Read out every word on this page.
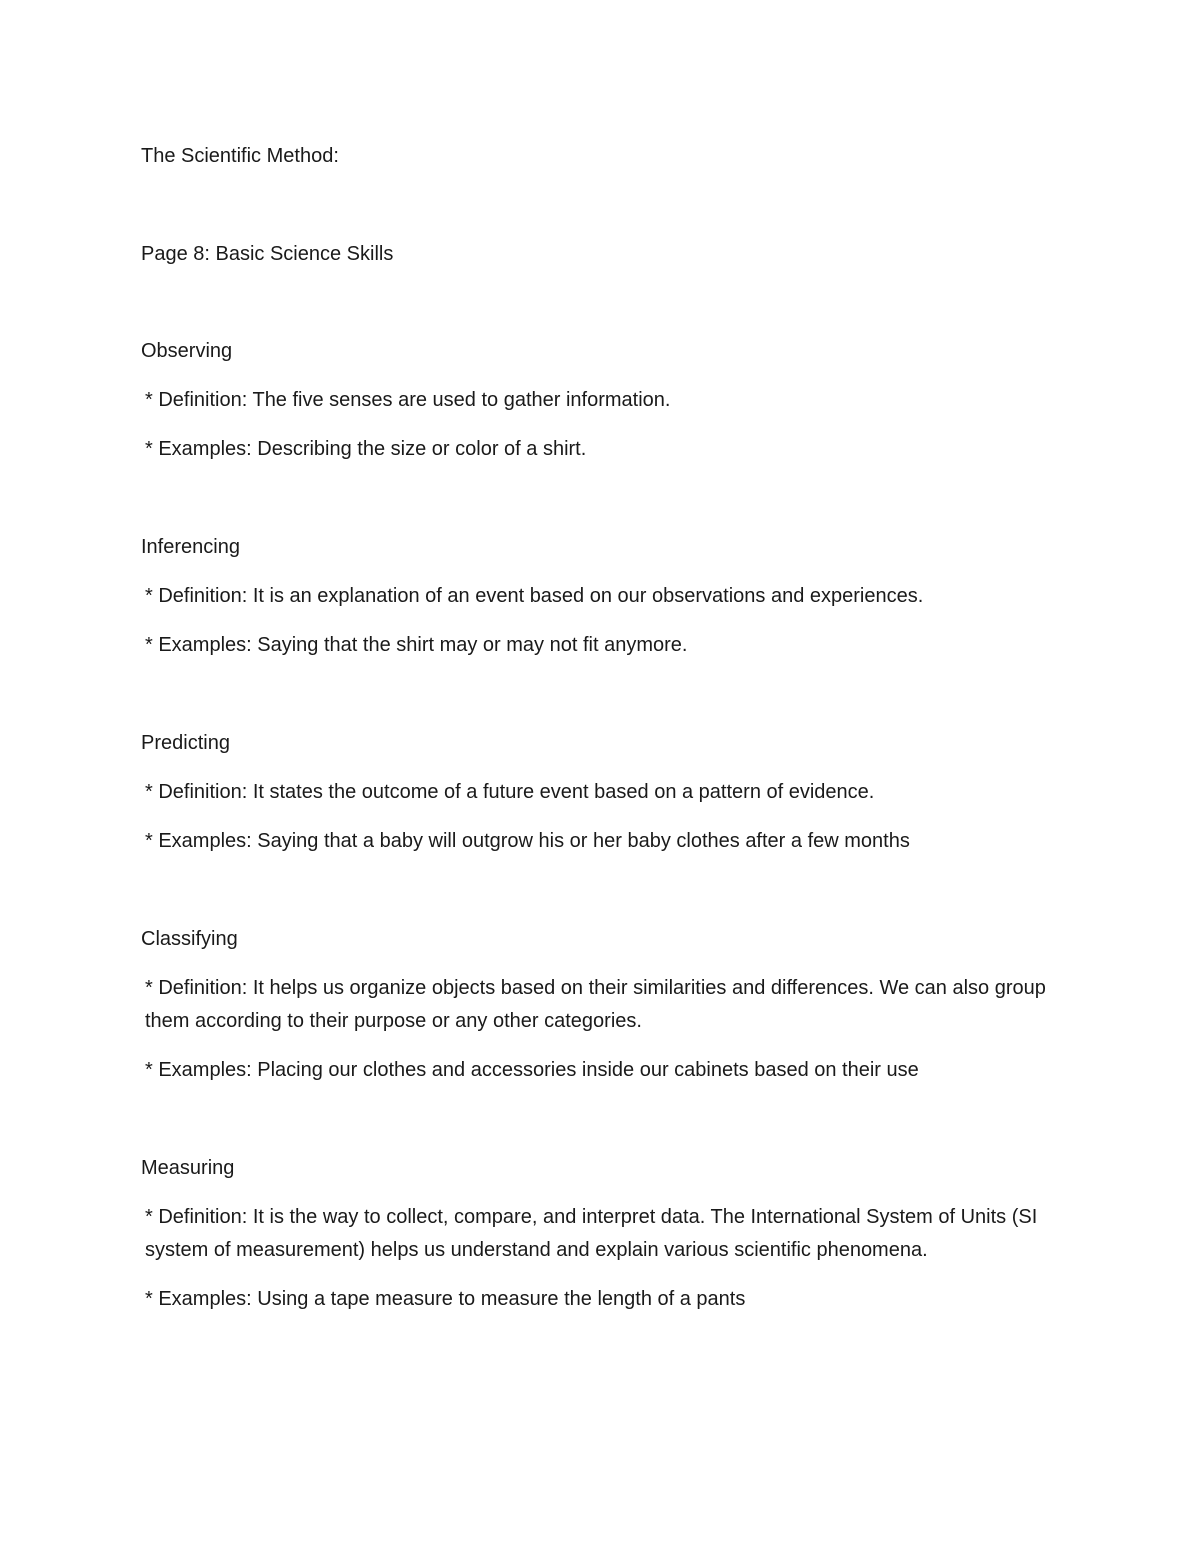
The Scientific Method:

Page 8: Basic Science Skills

Observing

* Definition: The five senses are used to gather information.

* Examples: Describing the size or color of a shirt.

Inferencing

* Definition: It is an explanation of an event based on our observations and experiences.

* Examples: Saying that the shirt may or may not fit anymore.

Predicting

* Definition: It states the outcome of a future event based on a pattern of evidence.

* Examples: Saying that a baby will outgrow his or her baby clothes after a few months

Classifying

* Definition: It helps us organize objects based on their similarities and differences. We can also group them according to their purpose or any other categories.

* Examples: Placing our clothes and accessories inside our cabinets based on their use

Measuring

* Definition: It is the way to collect, compare, and interpret data. The International System of Units (SI system of measurement) helps us understand and explain various scientific phenomena.

* Examples: Using a tape measure to measure the length of a pants
